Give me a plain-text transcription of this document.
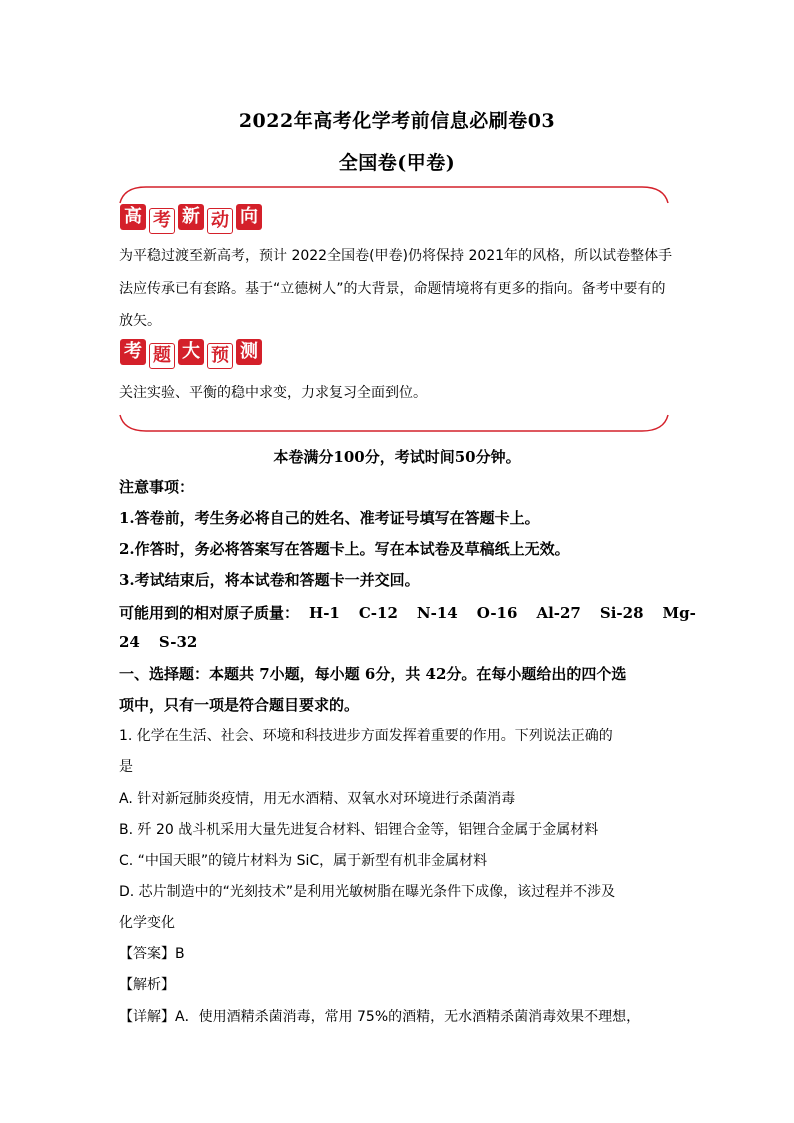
2022年高考化学考前信息必刷卷03
全国卷(甲卷)
高 考 新 动 向
为平稳过渡至新高考，预计 2022全国卷(甲卷)仍将保持 2021年的风格，所以试卷整体手
法应传承已有套路。基于“立德树人”的大背景，命题情境将有更多的指向。备考中要有的
放矢。
考 题 大 预 测
关注实验、平衡的稳中求变，力求复习全面到位。
本卷满分100分，考试时间50分钟。
注意事项：
1.答卷前，考生务必将自己的姓名、准考证号填写在答题卡上。
2.作答时，务必将答案写在答题卡上。写在本试卷及草稿纸上无效。
3.考试结束后，将本试卷和答题卡一并交回。
可能用到的相对原子质量： H-1 C-12 N-14 O-16 Al-27 Si-28 Mg-
24 S-32
一、选择题：本题共 7小题，每小题 6分，共 42分。在每小题给出的四个选
项中，只有一项是符合题目要求的。
1. 化学在生活、社会、环境和科技进步方面发挥着重要的作用。下列说法正确的
是
A. 针对新冠肺炎疫情，用无水酒精、双氧水对环境进行杀菌消毒
B. 歼 20 战斗机采用大量先进复合材料、铝锂合金等，铝锂合金属于金属材料
C. “中国天眼”的镜片材料为 SiC，属于新型有机非金属材料
D. 芯片制造中的“光刻技术”是利用光敏树脂在曝光条件下成像，该过程并不涉及
化学变化
【答案】B
【解析】
【详解】A．使用酒精杀菌消毒，常用 75%的酒精，无水酒精杀菌消毒效果不理想，
